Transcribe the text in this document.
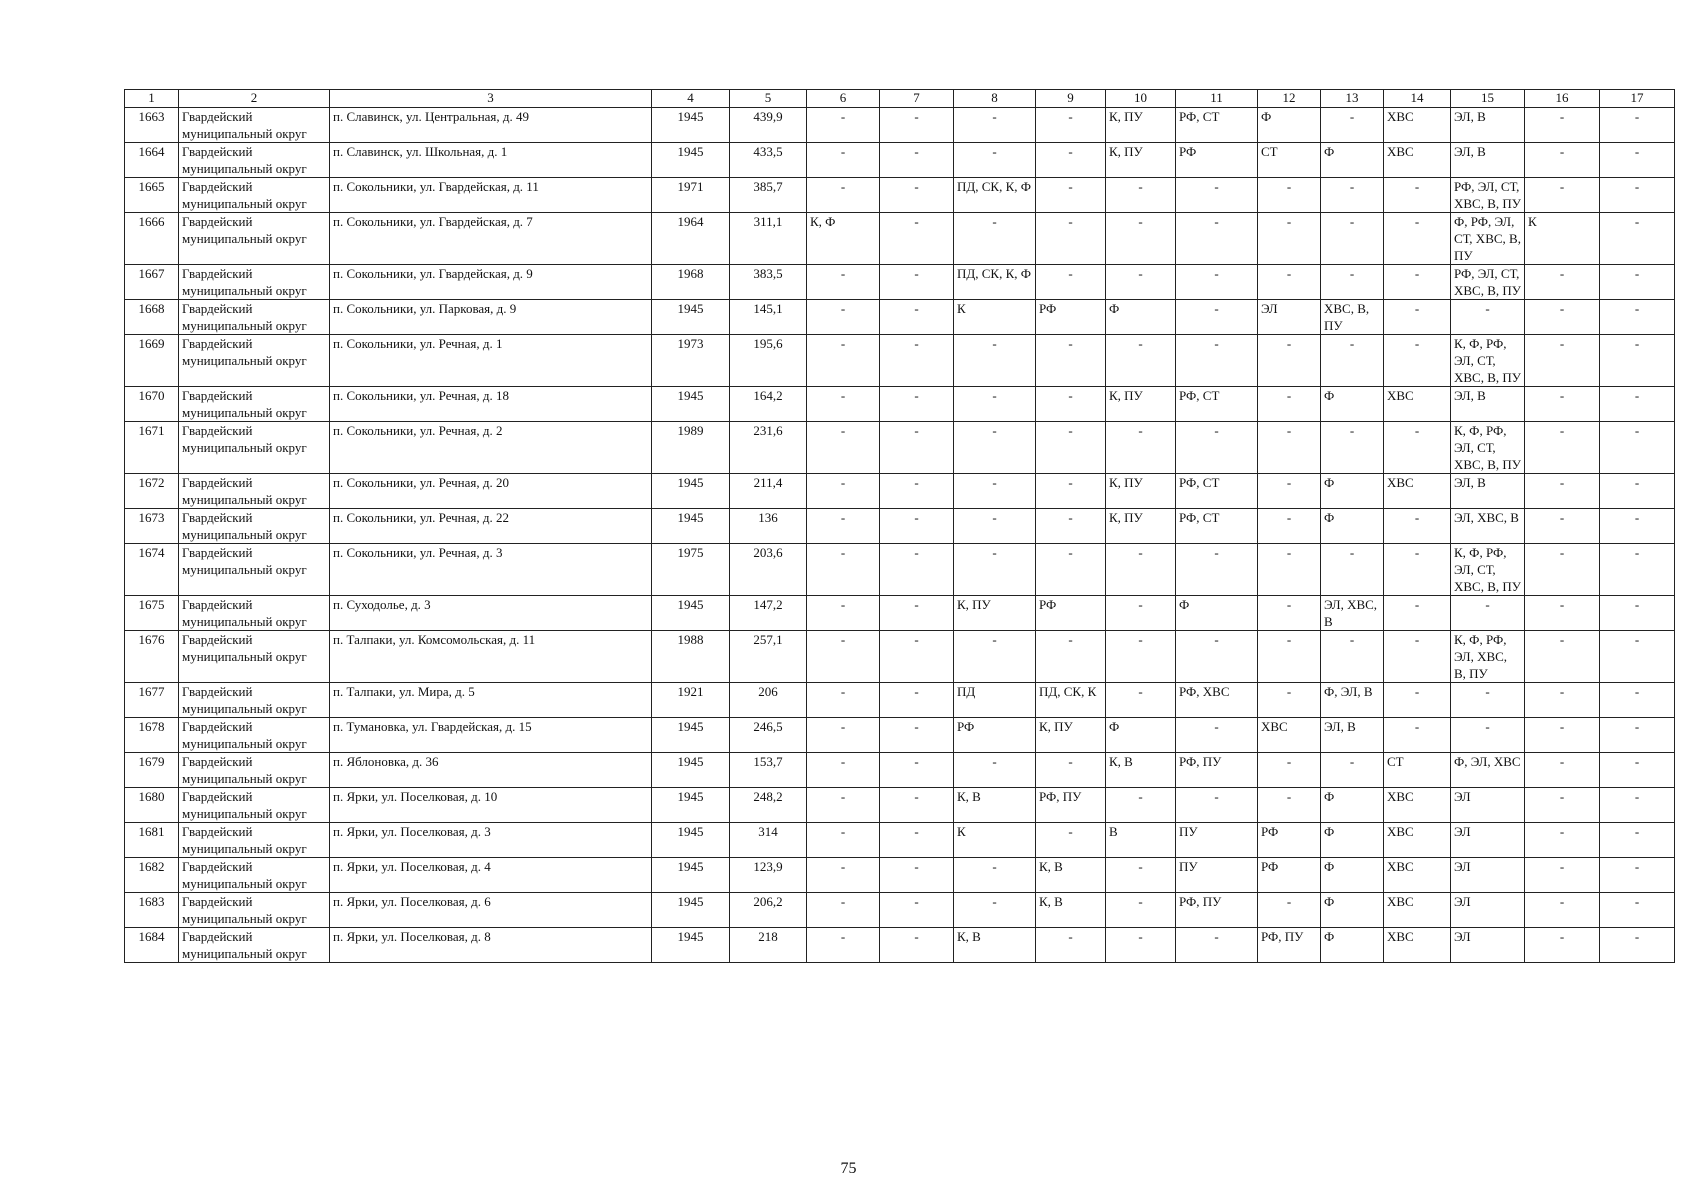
1	2	3	4	5	6	7	8	9	10	11	12	13	14	15	16	17
1663	Гвардейский муниципальный округ	п. Славинск, ул. Центральная, д. 49	1945	439,9	-	-	-	-	К, ПУ	РФ, СТ	Ф	-	ХВС	ЭЛ, В	-	-
1664	Гвардейский муниципальный округ	п. Славинск, ул. Школьная, д. 1	1945	433,5	-	-	-	-	К, ПУ	РФ	СТ	Ф	ХВС	ЭЛ, В	-	-
1665	Гвардейский муниципальный округ	п. Сокольники, ул. Гвардейская, д. 11	1971	385,7	-	-	ПД, СК, К, Ф	-	-	-	-	-	-	РФ, ЭЛ, СТ, ХВС, В, ПУ	-	-
1666	Гвардейский муниципальный округ	п. Сокольники, ул. Гвардейская, д. 7	1964	311,1	К, Ф	-	-	-	-	-	-	-	-	Ф, РФ, ЭЛ, СТ, ХВС, В, ПУ	К	-
1667	Гвардейский муниципальный округ	п. Сокольники, ул. Гвардейская, д. 9	1968	383,5	-	-	ПД, СК, К, Ф	-	-	-	-	-	-	РФ, ЭЛ, СТ, ХВС, В, ПУ	-	-
1668	Гвардейский муниципальный округ	п. Сокольники, ул. Парковая, д. 9	1945	145,1	-	-	К	РФ	Ф	-	ЭЛ	ХВС, В, ПУ	-	-	-	-
1669	Гвардейский муниципальный округ	п. Сокольники, ул. Речная, д. 1	1973	195,6	-	-	-	-	-	-	-	-	-	К, Ф, РФ, ЭЛ, СТ, ХВС, В, ПУ	-	-
1670	Гвардейский муниципальный округ	п. Сокольники, ул. Речная, д. 18	1945	164,2	-	-	-	-	К, ПУ	РФ, СТ	-	Ф	ХВС	ЭЛ, В	-	-
1671	Гвардейский муниципальный округ	п. Сокольники, ул. Речная, д. 2	1989	231,6	-	-	-	-	-	-	-	-	-	К, Ф, РФ, ЭЛ, СТ, ХВС, В, ПУ	-	-
1672	Гвардейский муниципальный округ	п. Сокольники, ул. Речная, д. 20	1945	211,4	-	-	-	-	К, ПУ	РФ, СТ	-	Ф	ХВС	ЭЛ, В	-	-
1673	Гвардейский муниципальный округ	п. Сокольники, ул. Речная, д. 22	1945	136	-	-	-	-	К, ПУ	РФ, СТ	-	Ф	-	ЭЛ, ХВС, В	-	-
1674	Гвардейский муниципальный округ	п. Сокольники, ул. Речная, д. 3	1975	203,6	-	-	-	-	-	-	-	-	-	К, Ф, РФ, ЭЛ, СТ, ХВС, В, ПУ	-	-
1675	Гвардейский муниципальный округ	п. Суходолье, д. 3	1945	147,2	-	-	К, ПУ	РФ	-	Ф	-	ЭЛ, ХВС, В	-	-	-	-
1676	Гвардейский муниципальный округ	п. Талпаки, ул. Комсомольская, д. 11	1988	257,1	-	-	-	-	-	-	-	-	-	К, Ф, РФ, ЭЛ, ХВС, В, ПУ	-	-
1677	Гвардейский муниципальный округ	п. Талпаки, ул. Мира, д. 5	1921	206	-	-	ПД	ПД, СК, К	-	РФ, ХВС	-	Ф, ЭЛ, В	-	-	-	-
1678	Гвардейский муниципальный округ	п. Тумановка, ул. Гвардейская, д. 15	1945	246,5	-	-	РФ	К, ПУ	Ф	-	ХВС	ЭЛ, В	-	-	-	-
1679	Гвардейский муниципальный округ	п. Яблоновка, д. 36	1945	153,7	-	-	-	-	К, В	РФ, ПУ	-	-	СТ	Ф, ЭЛ, ХВС	-	-
1680	Гвардейский муниципальный округ	п. Ярки, ул. Поселковая, д. 10	1945	248,2	-	-	К, В	РФ, ПУ	-	-	-	Ф	ХВС	ЭЛ	-	-
1681	Гвардейский муниципальный округ	п. Ярки, ул. Поселковая, д. 3	1945	314	-	-	К	-	В	ПУ	РФ	Ф	ХВС	ЭЛ	-	-
1682	Гвардейский муниципальный округ	п. Ярки, ул. Поселковая, д. 4	1945	123,9	-	-	-	К, В	-	ПУ	РФ	Ф	ХВС	ЭЛ	-	-
1683	Гвардейский муниципальный округ	п. Ярки, ул. Поселковая, д. 6	1945	206,2	-	-	-	К, В	-	РФ, ПУ	-	Ф	ХВС	ЭЛ	-	-
1684	Гвардейский муниципальный округ	п. Ярки, ул. Поселковая, д. 8	1945	218	-	-	К, В	-	-	-	РФ, ПУ	Ф	ХВС	ЭЛ	-	-
75
